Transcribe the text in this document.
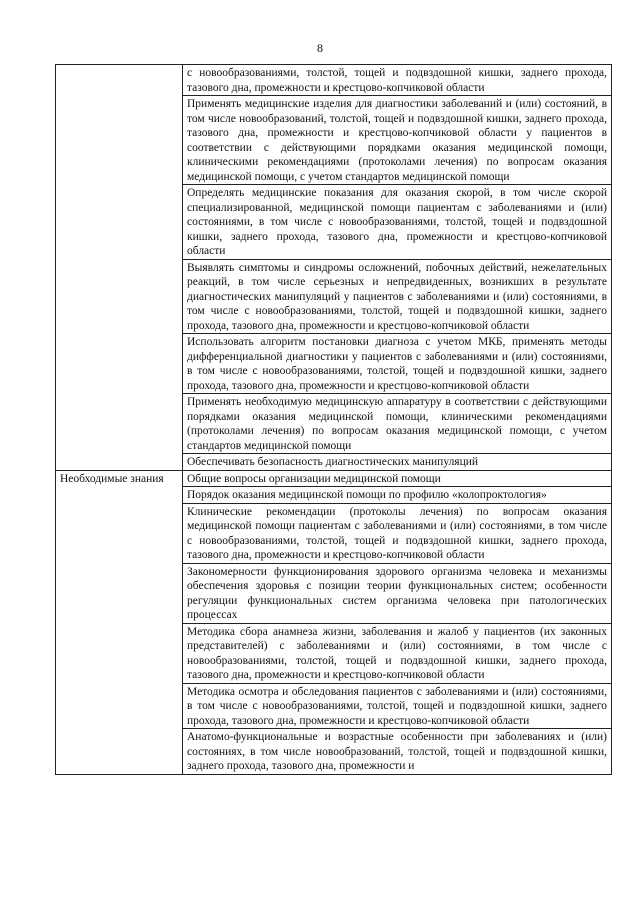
8
	с новообразованиями, толстой, тощей и подвздошной кишки, заднего прохода, тазового дна, промежности и крестцово-копчиковой области
	Применять медицинские изделия для диагностики заболеваний и (или) состояний, в том числе новообразований, толстой, тощей и подвздошной кишки, заднего прохода, тазового дна, промежности и крестцово-копчиковой области у пациентов в соответствии с действующими порядками оказания медицинской помощи, клиническими рекомендациями (протоколами лечения) по вопросам оказания медицинской помощи, с учетом стандартов медицинской помощи
	Определять медицинские показания для оказания скорой, в том числе скорой специализированной, медицинской помощи пациентам с заболеваниями и (или) состояниями, в том числе с новообразованиями, толстой, тощей и подвздошной кишки, заднего прохода, тазового дна, промежности и крестцово-копчиковой области
	Выявлять симптомы и синдромы осложнений, побочных действий, нежелательных реакций, в том числе серьезных и непредвиденных, возникших в результате диагностических манипуляций у пациентов с заболеваниями и (или) состояниями, в том числе с новообразованиями, толстой, тощей и подвздошной кишки, заднего прохода, тазового дна, промежности и крестцово-копчиковой области
	Использовать алгоритм постановки диагноза с учетом МКБ, применять методы дифференциальной диагностики у пациентов с заболеваниями и (или) состояниями, в том числе с новообразованиями, толстой, тощей и подвздошной кишки, заднего прохода, тазового дна, промежности и крестцово-копчиковой области
	Применять необходимую медицинскую аппаратуру в соответствии с действующими порядками оказания медицинской помощи, клиническими рекомендациями (протоколами лечения) по вопросам оказания медицинской помощи, с учетом стандартов медицинской помощи
	Обеспечивать безопасность диагностических манипуляций
Необходимые знания	Общие вопросы организации медицинской помощи
	Порядок оказания медицинской помощи по профилю «колопроктология»
	Клинические рекомендации (протоколы лечения) по вопросам оказания медицинской помощи пациентам с заболеваниями и (или) состояниями, в том числе с новообразованиями, толстой, тощей и подвздошной кишки, заднего прохода, тазового дна, промежности и крестцово-копчиковой области
	Закономерности функционирования здорового организма человека и механизмы обеспечения здоровья с позиции теории функциональных систем; особенности регуляции функциональных систем организма человека при патологических процессах
	Методика сбора анамнеза жизни, заболевания и жалоб у пациентов (их законных представителей) с заболеваниями и (или) состояниями, в том числе с новообразованиями, толстой, тощей и подвздошной кишки, заднего прохода, тазового дна, промежности и крестцово-копчиковой области
	Методика осмотра и обследования пациентов с заболеваниями и (или) состояниями, в том числе с новообразованиями, толстой, тощей и подвздошной кишки, заднего прохода, тазового дна, промежности и крестцово-копчиковой области
	Анатомо-функциональные и возрастные особенности при заболеваниях и (или) состояниях, в том числе новообразований, толстой, тощей и подвздошной кишки, заднего прохода, тазового дна, промежности и
